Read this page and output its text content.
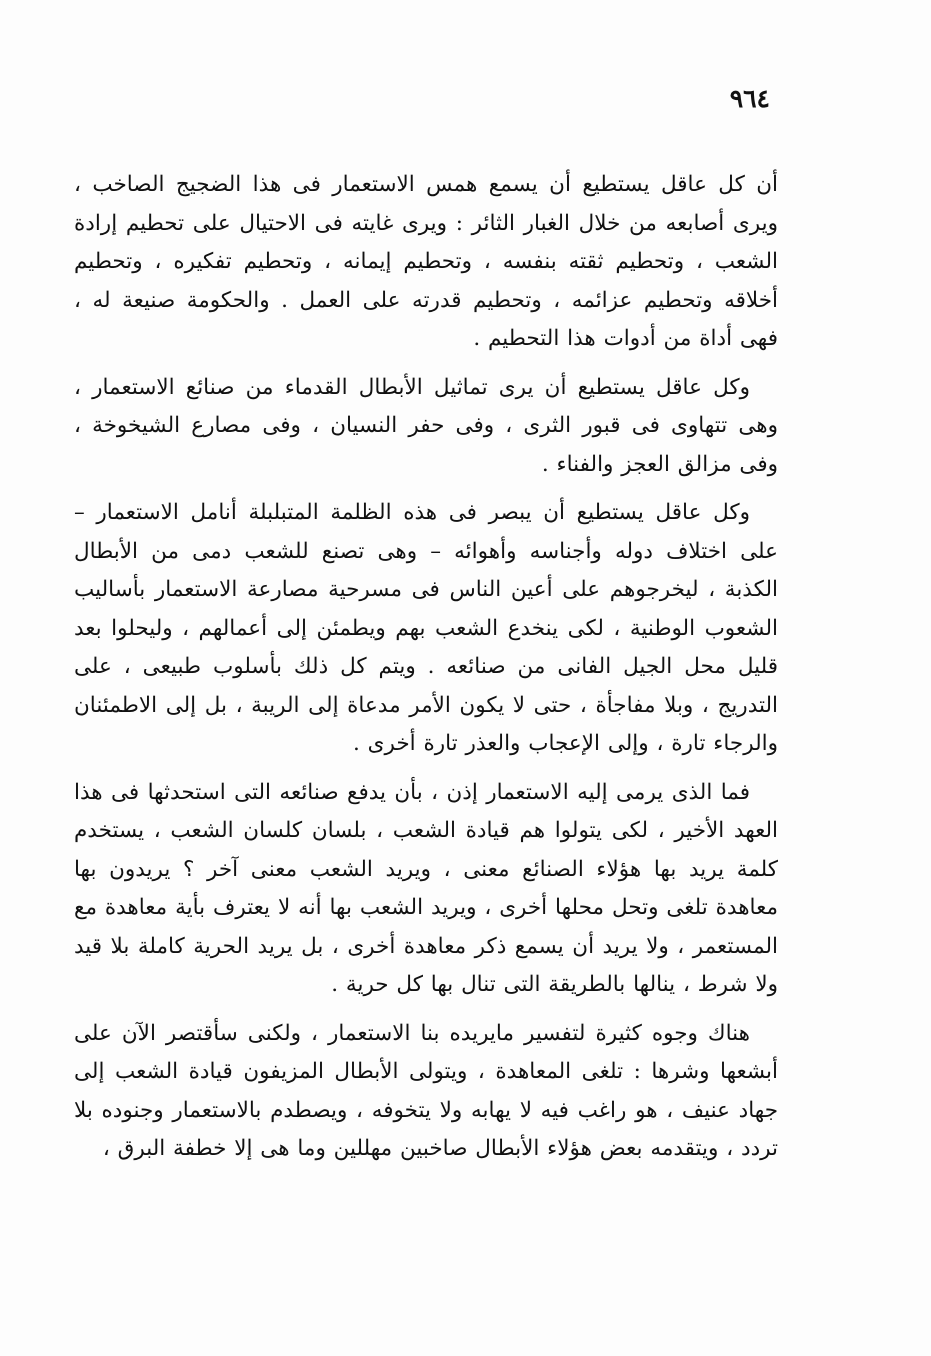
٩٦٤

أن كل عاقل يستطيع أن يسمع همس الاستعمار فى هذا الضجيج الصاخب ، ويرى أصابعه من خلال الغبار الثائر : ويرى غايته فى الاحتيال على تحطيم إرادة الشعب ، وتحطيم ثقته بنفسه ، وتحطيم إيمانه ، وتحطيم تفكيره ، وتحطيم أخلاقه وتحطيم عزائمه ، وتحطيم قدرته على العمل . والحكومة صنيعة له ، فهى أداة من أدوات هذا التحطيم .

وكل عاقل يستطيع أن يرى تماثيل الأبطال القدماء من صنائع الاستعمار ، وهى تتهاوى فى قبور الثرى ، وفى حفر النسيان ، وفى مصارع الشيخوخة ، وفى مزالق العجز والفناء .

وكل عاقل يستطيع أن يبصر فى هذه الظلمة المتبلبلة أنامل الاستعمار – على اختلاف دوله وأجناسه وأهوائه – وهى تصنع للشعب دمى من الأبطال الكذبة ، ليخرجوهم على أعين الناس فى مسرحية مصارعة الاستعمار بأساليب الشعوب الوطنية ، لكى ينخدع الشعب بهم ويطمئن إلى أعمالهم ، وليحلوا بعد قليل محل الجيل الفانى من صنائعه . ويتم كل ذلك بأسلوب طبيعى ، على التدريج ، وبلا مفاجأة ، حتى لا يكون الأمر مدعاة إلى الريبة ، بل إلى الاطمئنان والرجاء تارة ، وإلى الإعجاب والعذر تارة أخرى .

فما الذى يرمى إليه الاستعمار إذن ، بأن يدفع صنائعه التى استحدثها فى هذا العهد الأخير ، لكى يتولوا هم قيادة الشعب ، بلسان كلسان الشعب ، يستخدم كلمة يريد بها هؤلاء الصنائع معنى ، ويريد الشعب معنى آخر ؟ يريدون بها معاهدة تلغى وتحل محلها أخرى ، ويريد الشعب بها أنه لا يعترف بأية معاهدة مع المستعمر ، ولا يريد أن يسمع ذكر معاهدة أخرى ، بل يريد الحرية كاملة بلا قيد ولا شرط ، ينالها بالطريقة التى تنال بها كل حرية .

هناك وجوه كثيرة لتفسير مايريده بنا الاستعمار ، ولكنى سأقتصر الآن على أبشعها وشرها : تلغى المعاهدة ، ويتولى الأبطال المزيفون قيادة الشعب إلى جهاد عنيف ، هو راغب فيه لا يهابه ولا يتخوفه ، ويصطدم بالاستعمار وجنوده بلا تردد ، ويتقدمه بعض هؤلاء الأبطال صاخبين مهللين وما هى إلا خطفة البرق ،
